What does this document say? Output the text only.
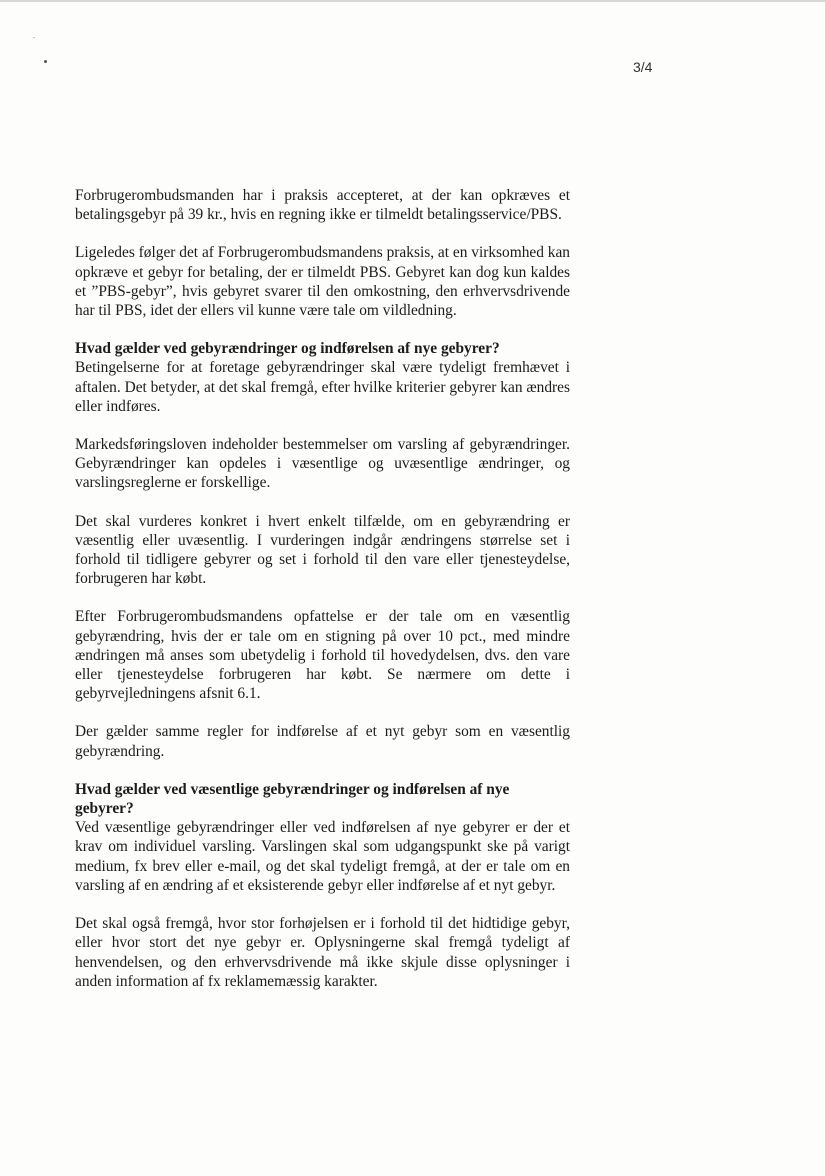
3/4

Forbrugerombudsmanden har i praksis accepteret, at der kan opkræves et betalingsgebyr på 39 kr., hvis en regning ikke er tilmeldt betalingsservice/PBS.

Ligeledes følger det af Forbrugerombudsmandens praksis, at en virksomhed kan opkræve et gebyr for betaling, der er tilmeldt PBS. Gebyret kan dog kun kaldes et ”PBS-gebyr”, hvis gebyret svarer til den omkostning, den erhvervsdrivende har til PBS, idet der ellers vil kunne være tale om vildledning.

Hvad gælder ved gebyrændringer og indførelsen af nye gebyrer?

Betingelserne for at foretage gebyrændringer skal være tydeligt fremhævet i aftalen. Det betyder, at det skal fremgå, efter hvilke kriterier gebyrer kan ændres eller indføres.

Markedsføringsloven indeholder bestemmelser om varsling af gebyrændringer. Gebyrændringer kan opdeles i væsentlige og uvæsentlige ændringer, og varslingsreglerne er forskellige.

Det skal vurderes konkret i hvert enkelt tilfælde, om en gebyrændring er væsentlig eller uvæsentlig. I vurderingen indgår ændringens størrelse set i forhold til tidligere gebyrer og set i forhold til den vare eller tjenesteydelse, forbrugeren har købt.

Efter Forbrugerombudsmandens opfattelse er der tale om en væsentlig gebyrændring, hvis der er tale om en stigning på over 10 pct., med mindre ændringen må anses som ubetydelig i forhold til hovedydelsen, dvs. den vare eller tjenesteydelse forbrugeren har købt. Se nærmere om dette i gebyrvejledningens afsnit 6.1.

Der gælder samme regler for indførelse af et nyt gebyr som en væsentlig gebyrændring.

Hvad gælder ved væsentlige gebyrændringer og indførelsen af nye gebyrer?

Ved væsentlige gebyrændringer eller ved indførelsen af nye gebyrer er der et krav om individuel varsling. Varslingen skal som udgangspunkt ske på varigt medium, fx brev eller e-mail, og det skal tydeligt fremgå, at der er tale om en varsling af en ændring af et eksisterende gebyr eller indførelse af et nyt gebyr.

Det skal også fremgå, hvor stor forhøjelsen er i forhold til det hidtidige gebyr, eller hvor stort det nye gebyr er. Oplysningerne skal fremgå tydeligt af henvendelsen, og den erhvervsdrivende må ikke skjule disse oplysninger i anden information af fx reklamemæssig karakter.
